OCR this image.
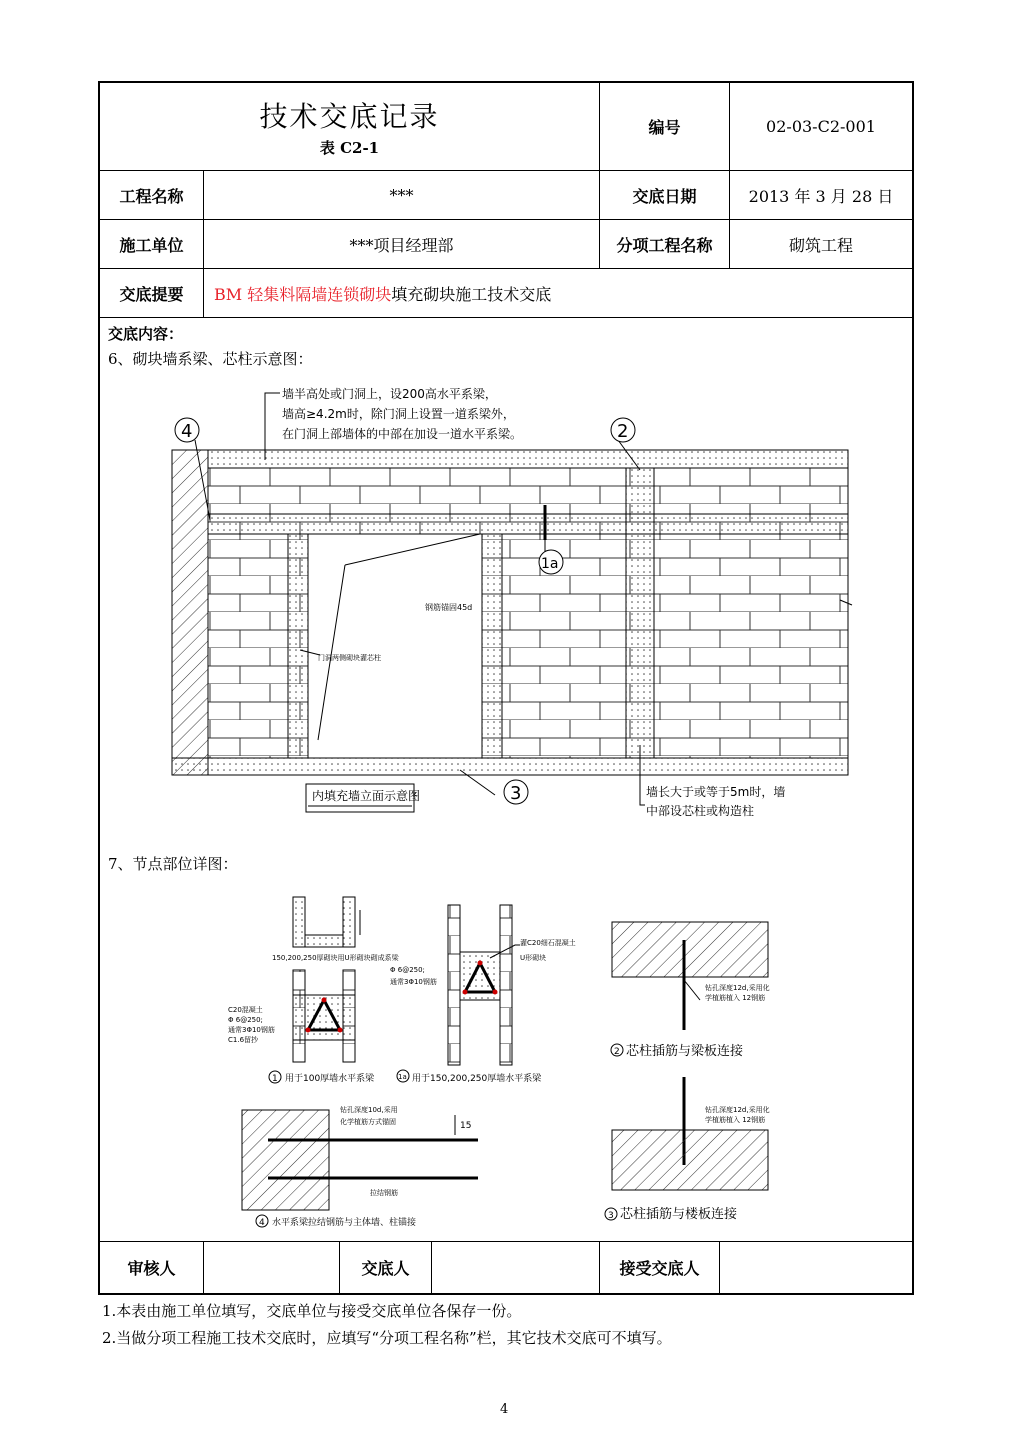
技术交底记录
表 C2-1
编号	02-03-C2-001
工程名称	***	交底日期	2013 年 3 月 28 日
施工单位	***项目经理部	分项工程名称	砌筑工程
交底提要	BM 轻集料隔墙连锁砌块 填充砌块施工技术交底
交底内容：
6、砌块墙系梁、芯柱示意图：
7、节点部位详图：
审核人	交底人	接受交底人
4	2
1a
3
墙半高处或门洞上，设200高水平系梁，
墙高≥4.2m时，除门洞上设置一道系梁外，
在门洞上部墙体的中部在加设一道水平系梁。
钢筋锚固45d
门洞两侧砌块灌芯柱
内填充墙立面示意图	墙长大于或等于5m时，墙
中部设芯柱或构造柱
150,200,250厚砌块用U形砌块砌成系梁
C20混凝土
Φ 6@250;
通常3Φ10钢筋
C1.6留抄
1 用于100厚墙水平系梁
灌C20细石混凝土
U形砌块
Φ 6@250;
通常3Φ10钢筋
1a 用于150,200,250厚墙水平系梁
钻孔深度12d,采用化
学植筋植入 12钢筋
2 芯柱插筋与梁板连接
钻孔深度10d,采用
化学植筋方式锚固	15
拉结钢筋
4 水平系梁拉结钢筋与主体墙、柱锚接
钻孔深度12d,采用化
学植筋植入 12钢筋
3 芯柱插筋与楼板连接
1.本表由施工单位填写，交底单位与接受交底单位各保存一份。
2.当做分项工程施工技术交底时，应填写“分项工程名称”栏，其它技术交底可不填写。
4
